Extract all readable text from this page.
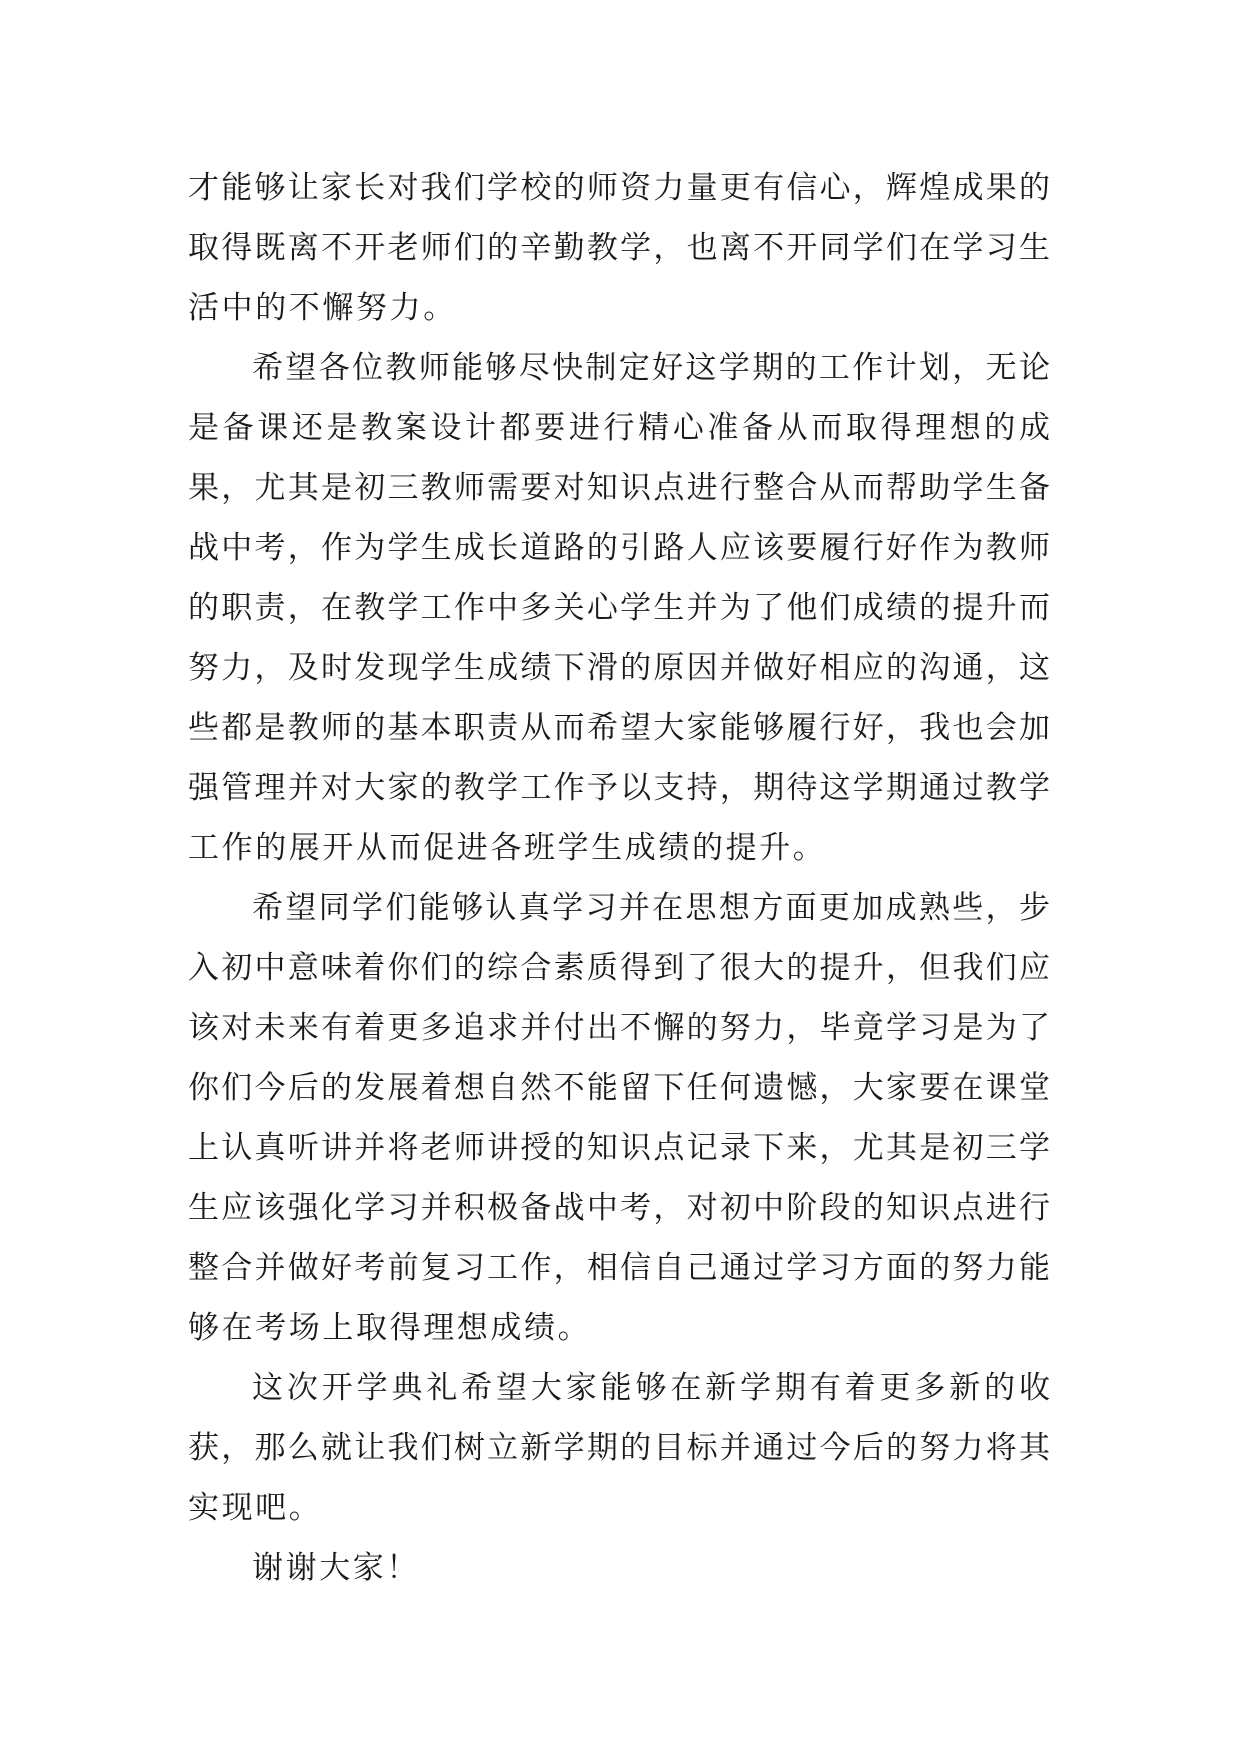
才能够让家长对我们学校的师资力量更有信心，辉煌成果的
取得既离不开老师们的辛勤教学，也离不开同学们在学习生
活中的不懈努力。
希望各位教师能够尽快制定好这学期的工作计划，无论
是备课还是教案设计都要进行精心准备从而取得理想的成
果，尤其是初三教师需要对知识点进行整合从而帮助学生备
战中考，作为学生成长道路的引路人应该要履行好作为教师
的职责，在教学工作中多关心学生并为了他们成绩的提升而
努力，及时发现学生成绩下滑的原因并做好相应的沟通，这
些都是教师的基本职责从而希望大家能够履行好，我也会加
强管理并对大家的教学工作予以支持，期待这学期通过教学
工作的展开从而促进各班学生成绩的提升。
希望同学们能够认真学习并在思想方面更加成熟些，步
入初中意味着你们的综合素质得到了很大的提升，但我们应
该对未来有着更多追求并付出不懈的努力，毕竟学习是为了
你们今后的发展着想自然不能留下任何遗憾，大家要在课堂
上认真听讲并将老师讲授的知识点记录下来，尤其是初三学
生应该强化学习并积极备战中考，对初中阶段的知识点进行
整合并做好考前复习工作，相信自己通过学习方面的努力能
够在考场上取得理想成绩。
这次开学典礼希望大家能够在新学期有着更多新的收
获，那么就让我们树立新学期的目标并通过今后的努力将其
实现吧。
谢谢大家！
